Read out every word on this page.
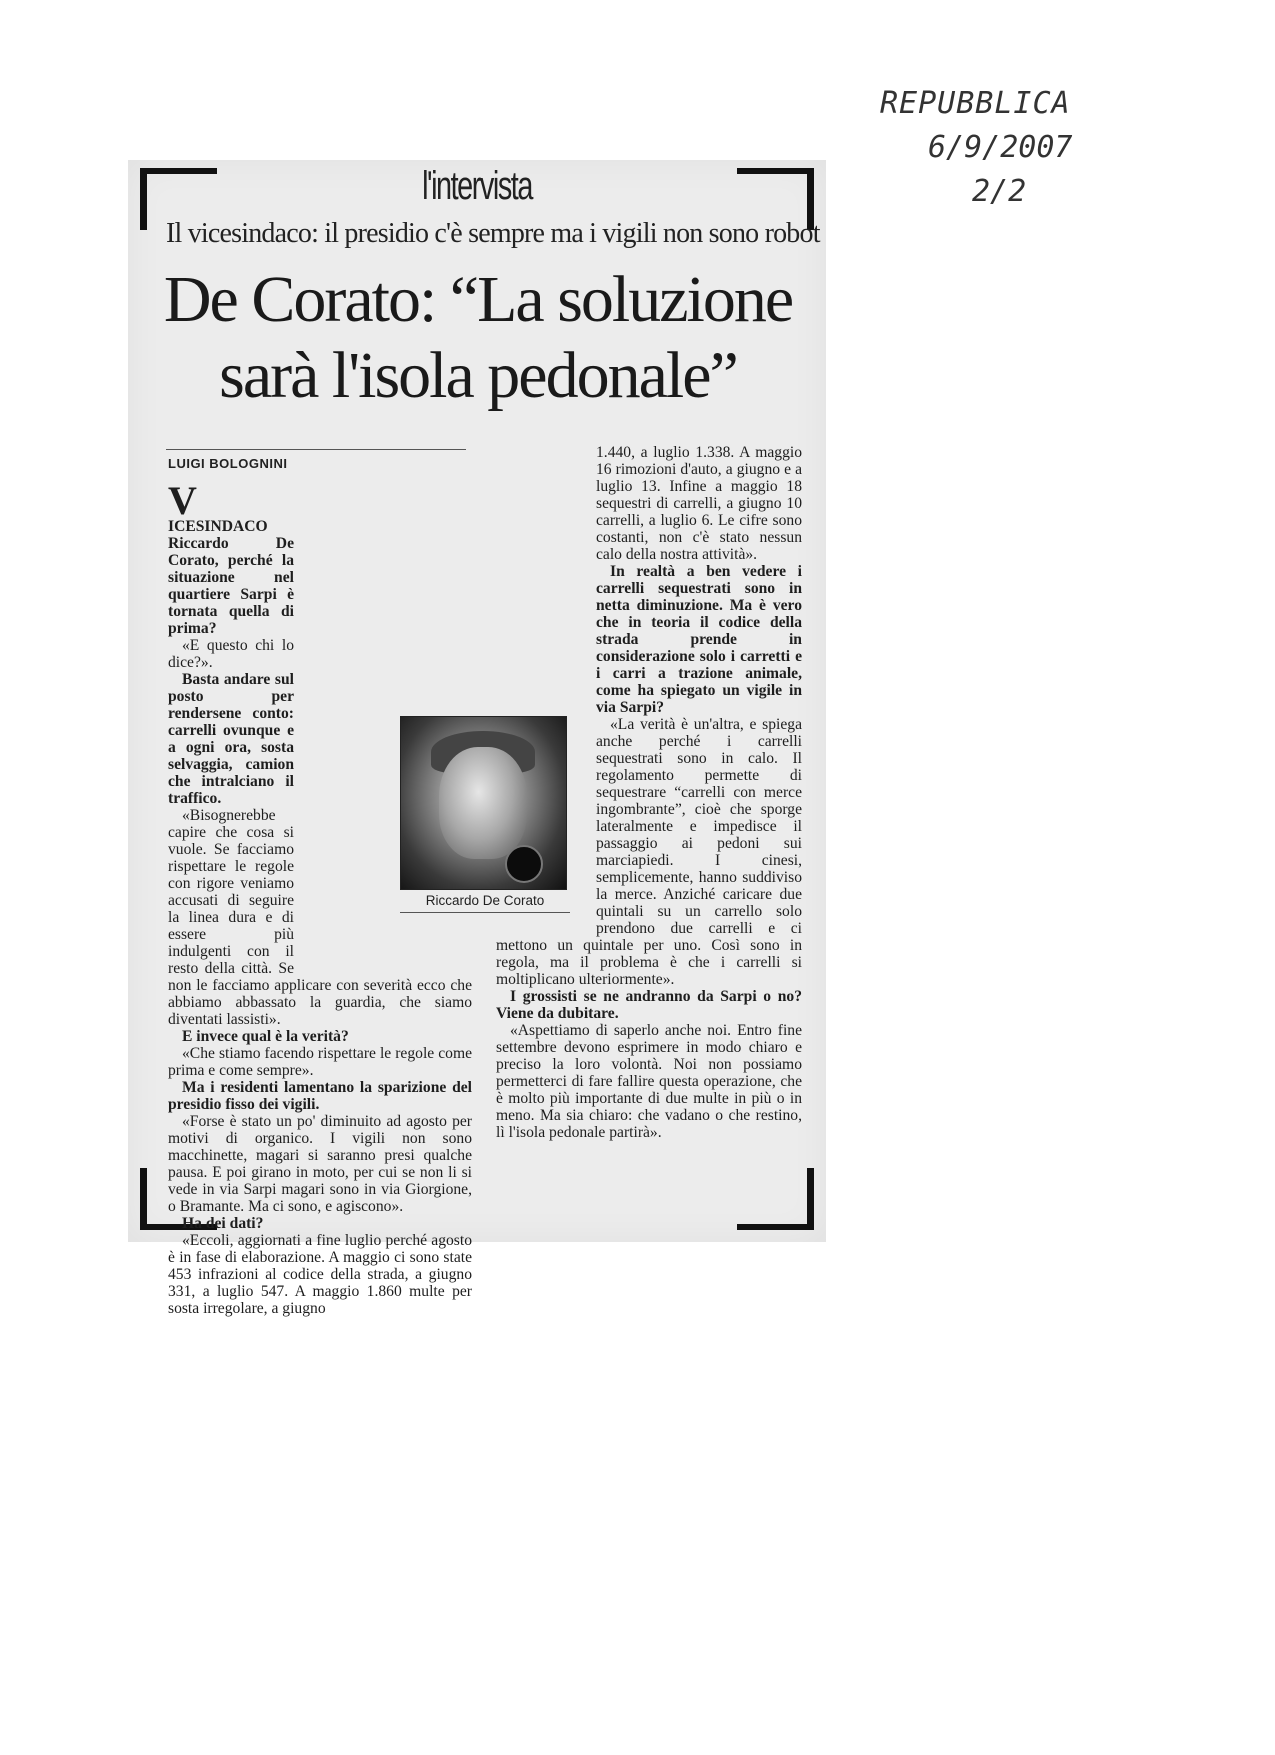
REPUBBLICA
6/9/2007
2/2
l'intervista
Il vicesindaco: il presidio c'è sempre ma i vigili non sono robot
De Corato: “La soluzione
sarà l'isola pedonale”
LUIGI BOLOGNINI

V
ICESINDACO Riccardo De Corato, perché la situazione nel quartiere Sarpi è tornata quella di prima?

«E questo chi lo dice?».

Basta andare sul posto per rendersene conto: carrelli ovunque e a ogni ora, sosta selvaggia, camion che intralciano il traffico.

«Bisognerebbe capire che cosa si vuole. Se facciamo rispettare le regole con rigore veniamo accusati di seguire la linea dura e di essere più indulgenti con il resto della città. Se non le facciamo applicare con severità ecco che abbiamo abbassato la guardia, che siamo diventati lassisti».

E invece qual è la verità?

«Che stiamo facendo rispettare le regole come prima e come sempre».

Ma i residenti lamentano la sparizione del presidio fisso dei vigili.

«Forse è stato un po' diminuito ad agosto per motivi di organico. I vigili non sono macchinette, magari si saranno presi qualche pausa. E poi girano in moto, per cui se non li si vede in via Sarpi magari sono in via Giorgione, o Bramante. Ma ci sono, e agiscono».

Ha dei dati?

«Eccoli, aggiornati a fine luglio perché agosto è in fase di elaborazione. A maggio ci sono state 453 infrazioni al codice della strada, a giugno 331, a luglio 547. A maggio 1.860 multe per sosta irregolare, a giugno

1.440, a luglio 1.338. A maggio 16 rimozioni d'auto, a giugno e a luglio 13. Infine a maggio 18 sequestri di carrelli, a giugno 10 carrelli, a luglio 6. Le cifre sono costanti, non c'è stato nessun calo della nostra attività».

In realtà a ben vedere i carrelli sequestrati sono in netta diminuzione. Ma è vero che in teoria il codice della strada prende in considerazione solo i carretti e i carri a trazione animale, come ha spiegato un vigile in via Sarpi?

«La verità è un'altra, e spiega anche perché i carrelli sequestrati sono in calo. Il regolamento permette di sequestrare “carrelli con merce ingombrante”, cioè che sporge lateralmente e impedisce il passaggio ai pedoni sui marciapiedi. I cinesi, semplicemente, hanno suddiviso la merce. Anziché caricare due quintali su un carrello solo prendono due carrelli e ci mettono un quintale per uno. Così sono in regola, ma il problema è che i carrelli si moltiplicano ulteriormente».

I grossisti se ne andranno da Sarpi o no? Viene da dubitare.

«Aspettiamo di saperlo anche noi. Entro fine settembre devono esprimere in modo chiaro e preciso la loro volontà. Noi non possiamo permetterci di fare fallire questa operazione, che è molto più importante di due multe in più o in meno. Ma sia chiaro: che vadano o che restino, lì l'isola pedonale partirà».

Riccardo De Corato
